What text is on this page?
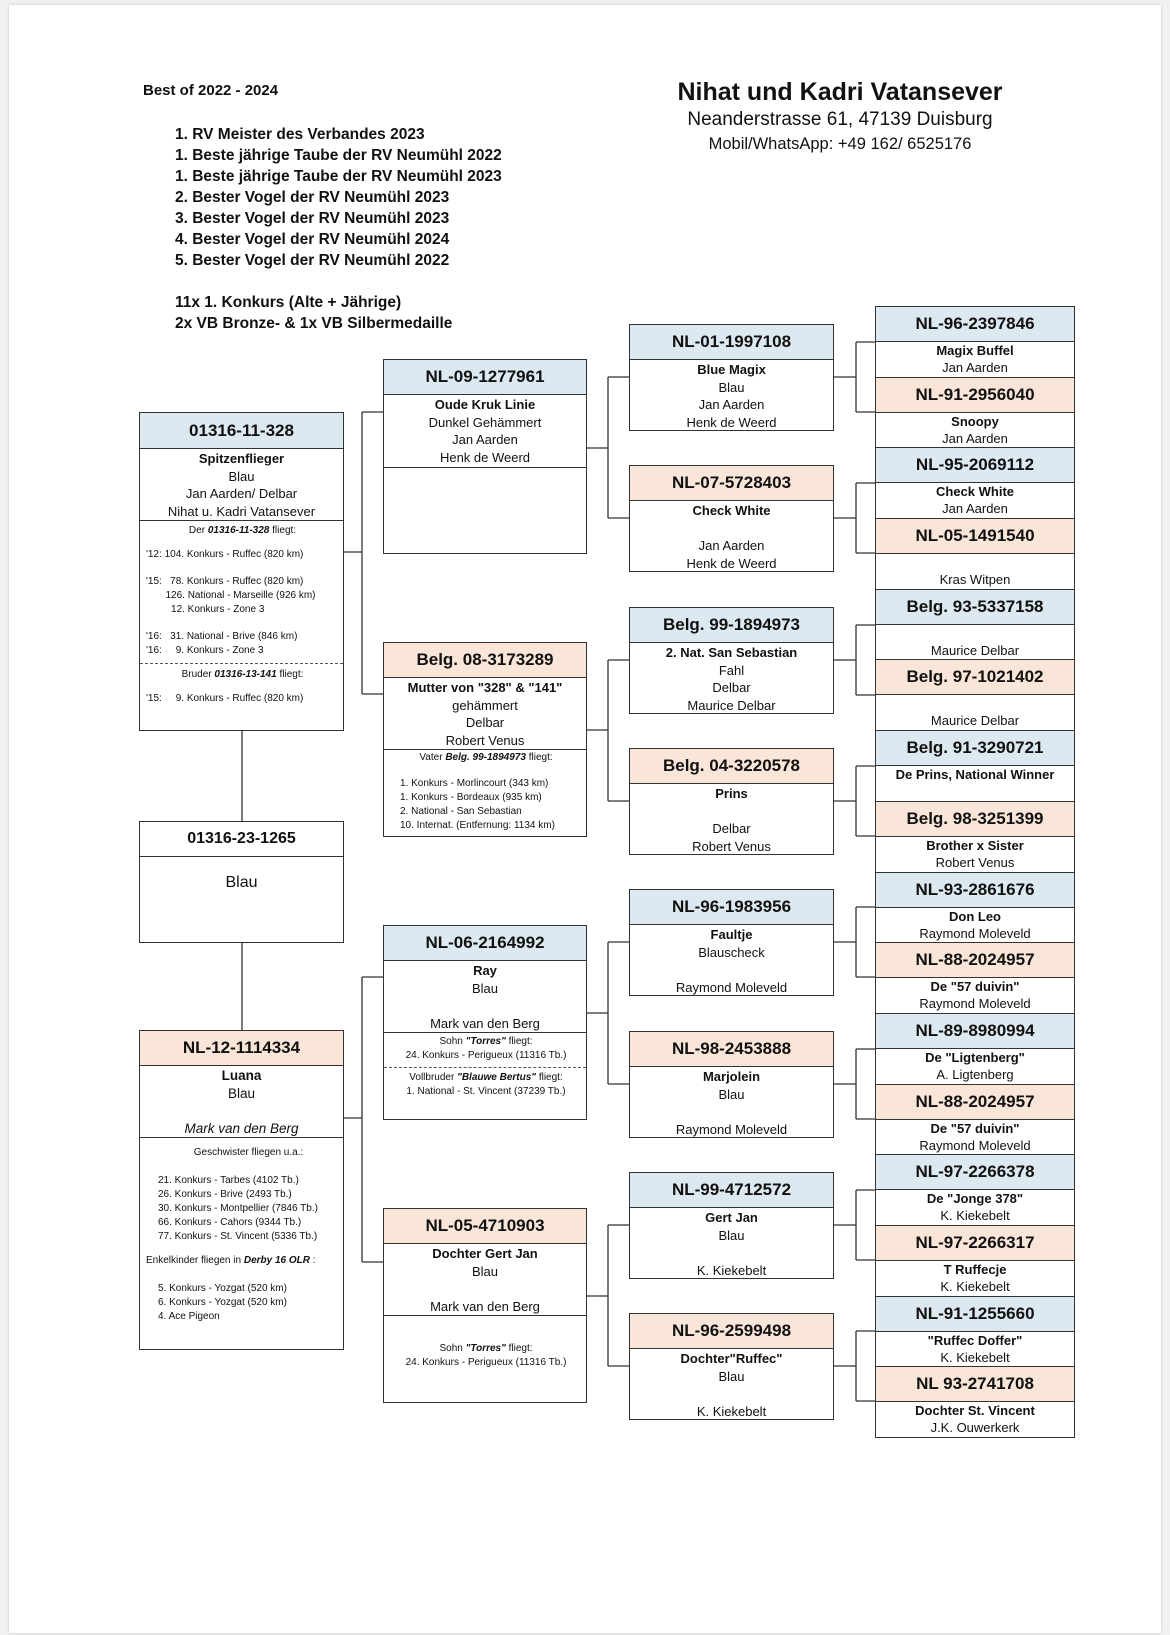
Best of 2022 - 2024
1. RV Meister des Verbandes 2023
1. Beste jährige Taube der RV Neumühl 2022
1. Beste jährige Taube der RV Neumühl 2023
2. Bester Vogel der RV Neumühl 2023
3. Bester Vogel der RV Neumühl 2023
4. Bester Vogel der RV Neumühl 2024
5. Bester Vogel der RV Neumühl 2022
11x 1. Konkurs (Alte + Jährige)
2x VB Bronze- & 1x VB Silbermedaille
Nihat und Kadri Vatansever
Neanderstrasse 61, 47139 Duisburg
Mobil/WhatsApp: +49 162/ 6525176
01316-11-328
Spitzenflieger
Blau
Jan Aarden/ Delbar
Nihat u. Kadri Vatansever
Der 01316-11-328 fliegt:
'12: 104. Konkurs - Ruffec (820 km)
'15:   78. Konkurs - Ruffec (820 km)
126. National - Marseille (926 km)
12. Konkurs - Zone 3
'16:   31. National - Brive (846 km)
'16:     9. Konkurs - Zone 3
Bruder 01316-13-141 fliegt:
'15:     9. Konkurs - Ruffec (820 km)
01316-23-1265
Blau
NL-12-1114334
Luana
Blau
Mark van den Berg
Geschwister fliegen u.a.:
21. Konkurs - Tarbes (4102 Tb.)
26. Konkurs - Brive (2493 Tb.)
30. Konkurs - Montpellier (7846 Tb.)
66. Konkurs - Cahors (9344 Tb.)
77. Konkurs - St. Vincent (5336 Tb.)
Enkelkinder fliegen in Derby 16 OLR :
5. Konkurs - Yozgat (520 km)
6. Konkurs - Yozgat (520 km)
4. Ace Pigeon
NL-09-1277961
Oude Kruk Linie
Dunkel Gehämmert
Jan Aarden
Henk de Weerd
Belg. 08-3173289
Mutter von "328" & "141"
gehämmert
Delbar
Robert Venus
Vater Belg. 99-1894973 fliegt:
1. Konkurs - Morlincourt (343 km)
1. Konkurs - Bordeaux (935 km)
2. National - San Sebastian
10. Internat. (Entfernung: 1134 km)
NL-06-2164992
Ray
Blau
Mark van den Berg
Sohn "Torres" fliegt:
24. Konkurs - Perigueux (11316 Tb.)
Vollbruder "Blauwe Bertus" fliegt:
1. National - St. Vincent (37239 Tb.)
NL-05-4710903
Dochter Gert Jan
Blau
Mark van den Berg
Sohn "Torres" fliegt:
24. Konkurs - Perigueux (11316 Tb.)
NL-01-1997108
Blue Magix
Blau
Jan Aarden
Henk de Weerd
NL-07-5728403
Check White
Jan Aarden
Henk de Weerd
Belg. 99-1894973
2. Nat. San Sebastian
Fahl
Delbar
Maurice Delbar
Belg. 04-3220578
Prins
Delbar
Robert Venus
NL-96-1983956
Faultje
Blauscheck
Raymond Moleveld
NL-98-2453888
Marjolein
Blau
Raymond Moleveld
NL-99-4712572
Gert Jan
Blau
K. Kiekebelt
NL-96-2599498
Dochter"Ruffec"
Blau
K. Kiekebelt
NL-96-2397846
Magix Buffel
Jan Aarden
NL-91-2956040
Snoopy
Jan Aarden
NL-95-2069112
Check White
Jan Aarden
NL-05-1491540
Kras Witpen
Belg. 93-5337158
Maurice Delbar
Belg. 97-1021402
Maurice Delbar
Belg. 91-3290721
De Prins, National Winner
Belg. 98-3251399
Brother x Sister
Robert Venus
NL-93-2861676
Don Leo
Raymond Moleveld
NL-88-2024957
De "57 duivin"
Raymond Moleveld
NL-89-8980994
De "Ligtenberg"
A. Ligtenberg
NL-88-2024957
De "57 duivin"
Raymond Moleveld
NL-97-2266378
De "Jonge 378"
K. Kiekebelt
NL-97-2266317
T Ruffecje
K. Kiekebelt
NL-91-1255660
"Ruffec Doffer"
K. Kiekebelt
NL 93-2741708
Dochter St. Vincent
J.K. Ouwerkerk
